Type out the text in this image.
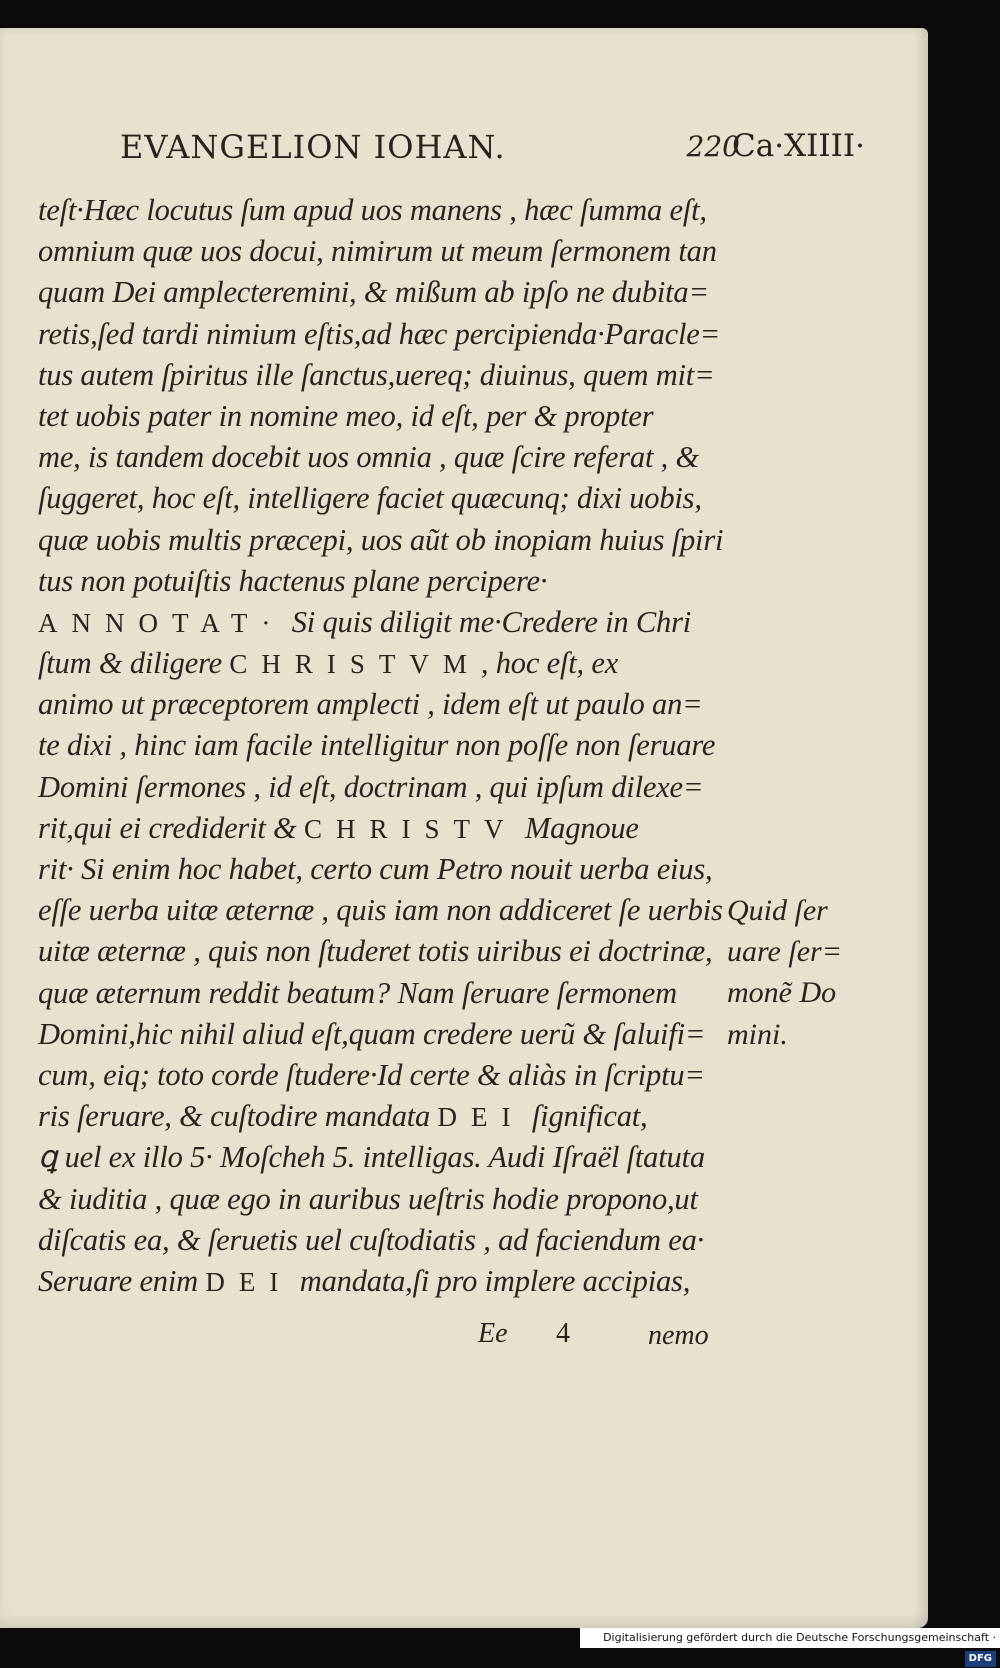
EVANGELION IOHAN.	220
Ca·XIIII·
teſt·Hæc locutus ſum apud uos manens , hæc ſumma eſt,
omnium quæ uos docui, nimirum ut meum ſermonem tan
quam Dei amplecteremini, & mißum ab ipſo ne dubita=
retis,ſed tardi nimium eſtis,ad hæc percipienda·Paracle=
tus autem ſpiritus ille ſanctus,uereq; diuinus, quem mit=
tet uobis pater in nomine meo, id eſt, per & propter
me, is tandem docebit uos omnia , quæ ſcire referat , &
ſuggeret, hoc eſt, intelligere faciet quæcunq; dixi uobis,
quæ uobis multis præcepi, uos aũt ob inopiam huius ſpiri
tus non potuiſtis hactenus plane percipere·
ANNOTAT· Si quis diligit me·Credere in Chri
ſtum & diligere CHRISTVM, hoc eſt, ex
animo ut præceptorem amplecti , idem eſt ut paulo an=
te dixi , hinc iam facile intelligitur non poſſe non ſeruare
Domini ſermones , id eſt, doctrinam , qui ipſum dilexe=
rit,qui ei crediderit & CHRISTV Magnoue
rit· Si enim hoc habet, certo cum Petro nouit uerba eius,
eſſe uerba uitæ æternæ , quis iam non addiceret ſe uerbis
uitæ æternæ , quis non ſtuderet totis uiribus ei doctrinæ,
quæ æternum reddit beatum? Nam ſeruare ſermonem
Domini,hic nihil aliud eſt,quam credere uerũ & ſaluifi=
cum, eiq; toto corde ſtudere·Id certe & aliàs in ſcriptu=
ris ſeruare, & cuſtodire mandata DEI ſignificat,
ꝗ uel ex illo 5· Moſcheh 5. intelligas. Audi Iſraël ſtatuta
& iuditia , quæ ego in auribus ueſtris hodie propono,ut
diſcatis ea, & ſeruetis uel cuſtodiatis , ad faciendum ea·
Seruare enim DEI mandata,ſi pro implere accipias,
Quid ſer
uare ſer=
monẽ Do
mini.
Ee 4	nemo
Digitalisierung gefördert durch die Deutsche Forschungsgemeinschaft ·DFG
